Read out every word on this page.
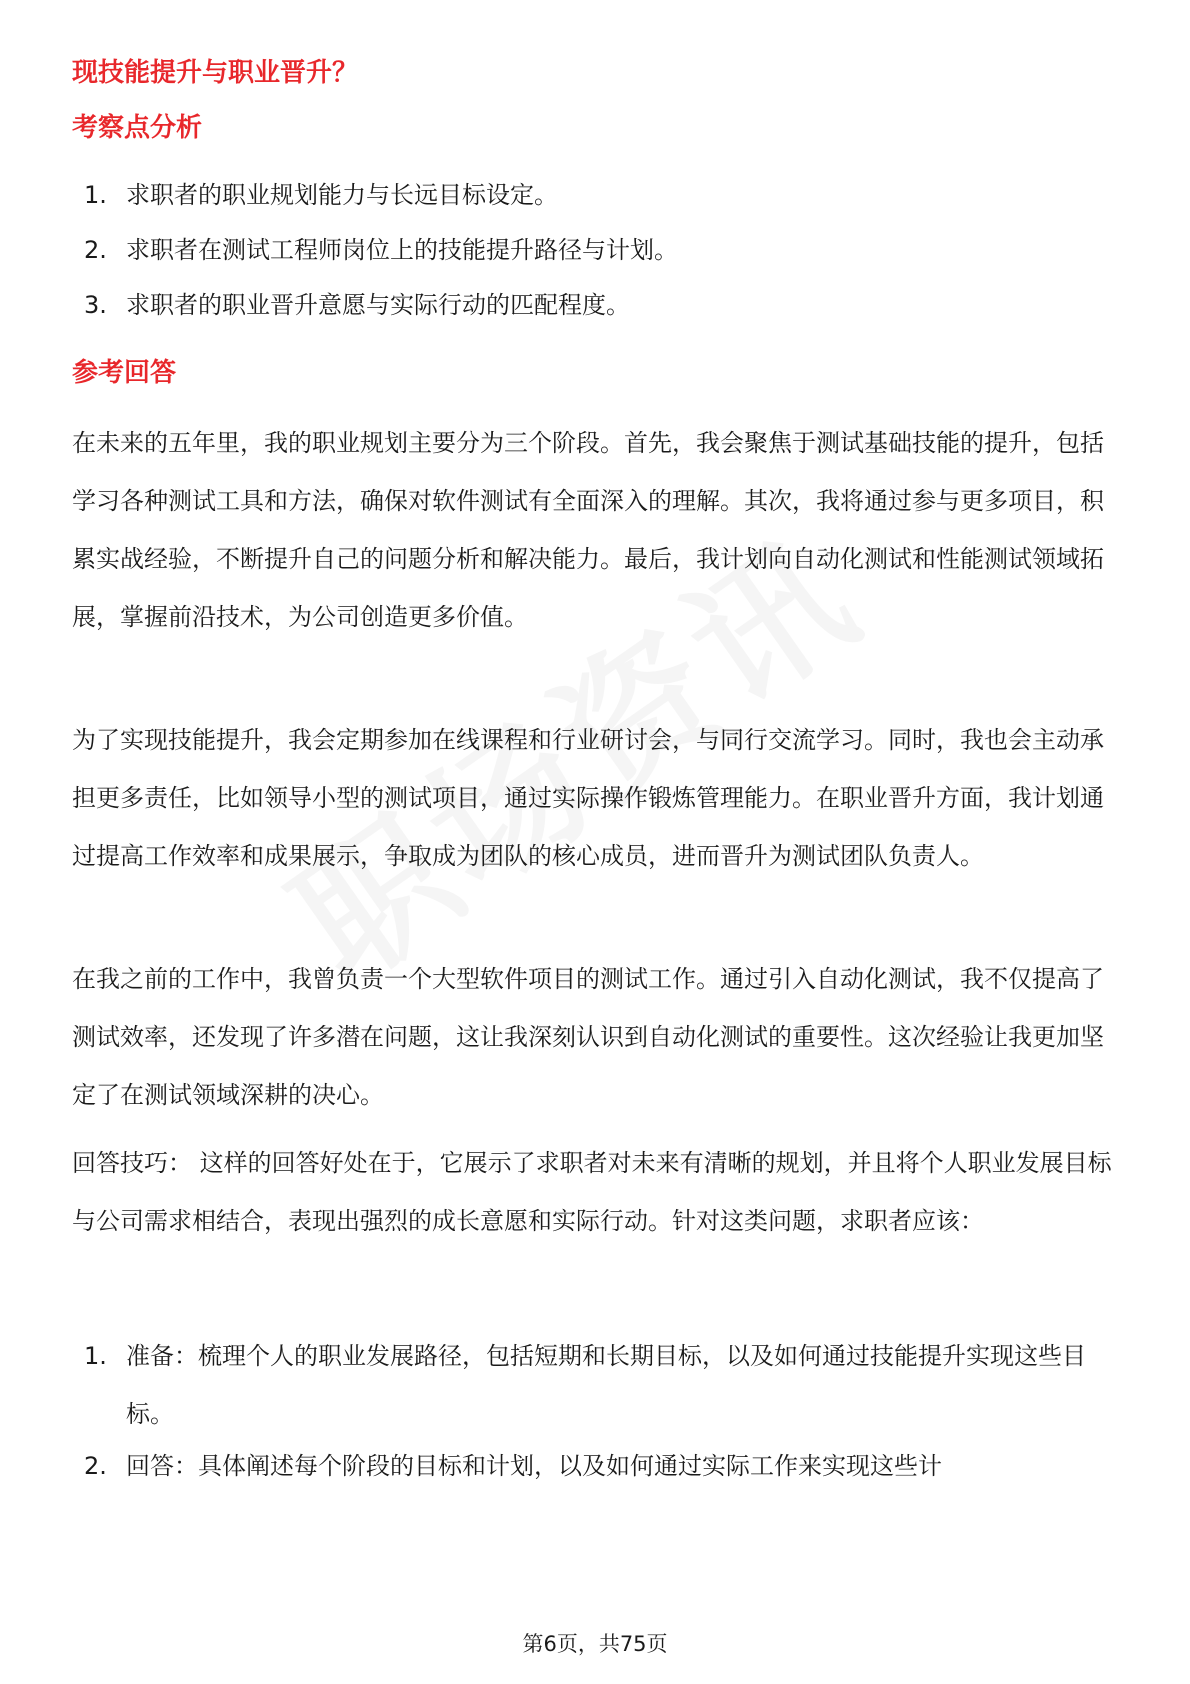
现技能提升与职业晋升？
考察点分析
1. 求职者的职业规划能力与长远目标设定。
2. 求职者在测试工程师岗位上的技能提升路径与计划。
3. 求职者的职业晋升意愿与实际行动的匹配程度。
参考回答

在未来的五年里，我的职业规划主要分为三个阶段。首先，我会聚焦于测试基础技能的提升，包括学习各种测试工具和方法，确保对软件测试有全面深入的理解。其次，我将通过参与更多项目，积累实战经验，不断提升自己的问题分析和解决能力。最后，我计划向自动化测试和性能测试领域拓展，掌握前沿技术，为公司创造更多价值。

为了实现技能提升，我会定期参加在线课程和行业研讨会，与同行交流学习。同时，我也会主动承担更多责任，比如领导小型的测试项目，通过实际操作锻炼管理能力。在职业晋升方面，我计划通过提高工作效率和成果展示，争取成为团队的核心成员，进而晋升为测试团队负责人。

在我之前的工作中，我曾负责一个大型软件项目的测试工作。通过引入自动化测试，我不仅提高了测试效率，还发现了许多潜在问题，这让我深刻认识到自动化测试的重要性。这次经验让我更加坚定了在测试领域深耕的决心。

回答技巧： 这样的回答好处在于，它展示了求职者对未来有清晰的规划，并且将个人职业发展目标与公司需求相结合，表现出强烈的成长意愿和实际行动。针对这类问题，求职者应该：

1. 准备：梳理个人的职业发展路径，包括短期和长期目标，以及如何通过技能提升实现这些目标。
2. 回答：具体阐述每个阶段的目标和计划，以及如何通过实际工作来实现这些计
第6页，共75页
